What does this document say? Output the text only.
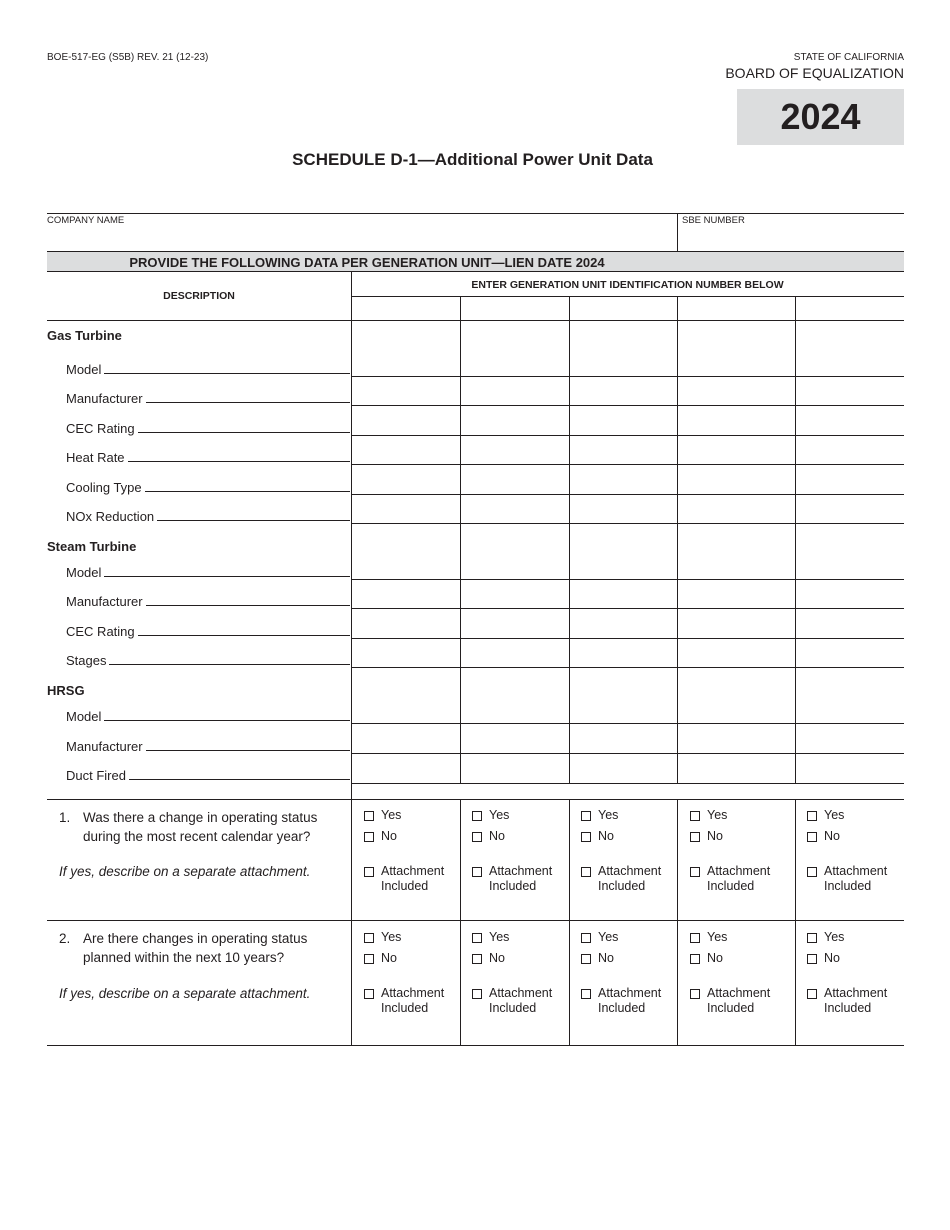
BOE-517-EG (S5B) REV. 21 (12-23)	STATE OF CALIFORNIA
BOARD OF EQUALIZATION
2024
SCHEDULE D-1—Additional Power Unit Data
COMPANY NAME	SBE NUMBER
PROVIDE THE FOLLOWING DATA PER GENERATION UNIT—LIEN DATE 2024
DESCRIPTION
ENTER GENERATION UNIT IDENTIFICATION NUMBER BELOW
Gas Turbine
Steam Turbine
HRSG
Model
Manufacturer
CEC Rating
Heat Rate
Cooling Type
NOx Reduction
Model
Manufacturer
CEC Rating
Stages
Model
Manufacturer
Duct Fired
1. Was there a change in operating status
during the most recent calendar year?
If yes, describe on a separate attachment.
2. Are there changes in operating status
planned within the next 10 years?
If yes, describe on a separate attachment.
Yes
No
Attachment
Included
Yes
No
Attachment
Included
Yes
No
Attachment
Included
Yes
No
Attachment
Included
Yes
No
Attachment
Included
Yes
No
Attachment
Included
Yes
No
Attachment
Included
Yes
No
Attachment
Included
Yes
No
Attachment
Included
Yes
No
Attachment
Included
